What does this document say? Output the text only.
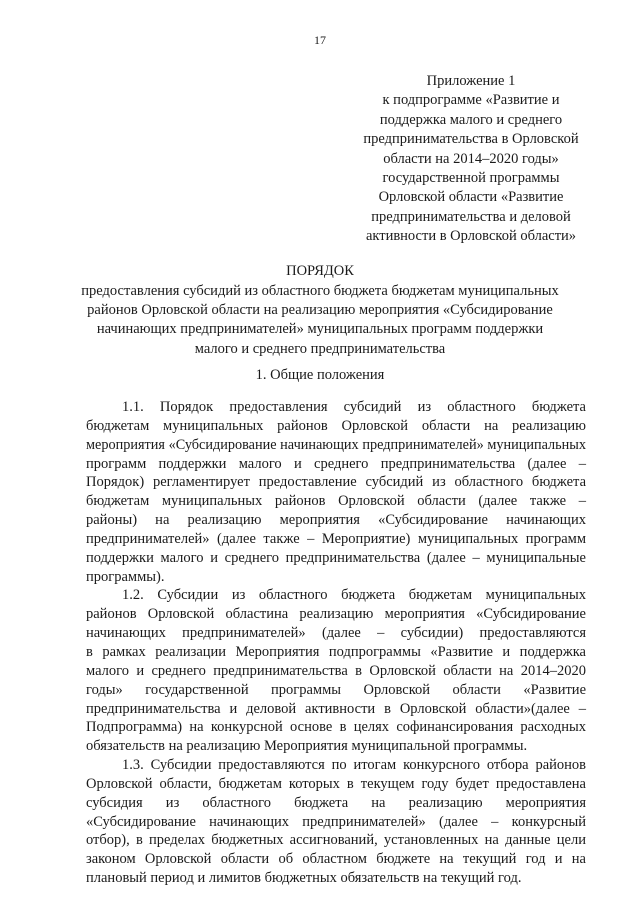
17
Приложение 1
к подпрограмме «Развитие и
поддержка малого и среднего
предпринимательства в Орловской
области на 2014–2020 годы»
государственной программы
Орловской области «Развитие
предпринимательства и деловой
активности в Орловской области»
ПОРЯДОК
предоставления субсидий из областного бюджета бюджетам муниципальных
районов Орловской области на реализацию мероприятия «Субсидирование
начинающих предпринимателей» муниципальных программ поддержки
малого и среднего предпринимательства
1. Общие положения
1.1. Порядок предоставления субсидий из областного бюджета
бюджетам муниципальных районов Орловской области на реализацию
мероприятия «Субсидирование начинающих предпринимателей» муниципальных
программ поддержки малого и среднего предпринимательства (далее –
Порядок) регламентирует предоставление субсидий из областного бюджета
бюджетам муниципальных районов Орловской области (далее также –
районы) на реализацию мероприятия «Субсидирование начинающих
предпринимателей» (далее также – Мероприятие) муниципальных программ
поддержки малого и среднего предпринимательства (далее – муниципальные
программы).
1.2. Субсидии из областного бюджета бюджетам муниципальных
районов Орловской областина реализацию мероприятия «Субсидирование
начинающих предпринимателей» (далее – субсидии) предоставляются
в рамках реализации Мероприятия подпрограммы «Развитие и поддержка
малого и среднего предпринимательства в Орловской области на 2014–2020
годы» государственной программы Орловской области «Развитие
предпринимательства и деловой активности в Орловской области»(далее –
Подпрограмма) на конкурсной основе в целях софинансирования расходных
обязательств на реализацию Мероприятия муниципальной программы.
1.3. Субсидии предоставляются по итогам конкурсного отбора районов
Орловской области, бюджетам которых в текущем году будет предоставлена
субсидия из областного бюджета на реализацию мероприятия
«Субсидирование начинающих предпринимателей» (далее – конкурсный
отбор), в пределах бюджетных ассигнований, установленных на данные цели
законом Орловской области об областном бюджете на текущий год и на
плановый период и лимитов бюджетных обязательств на текущий год.
